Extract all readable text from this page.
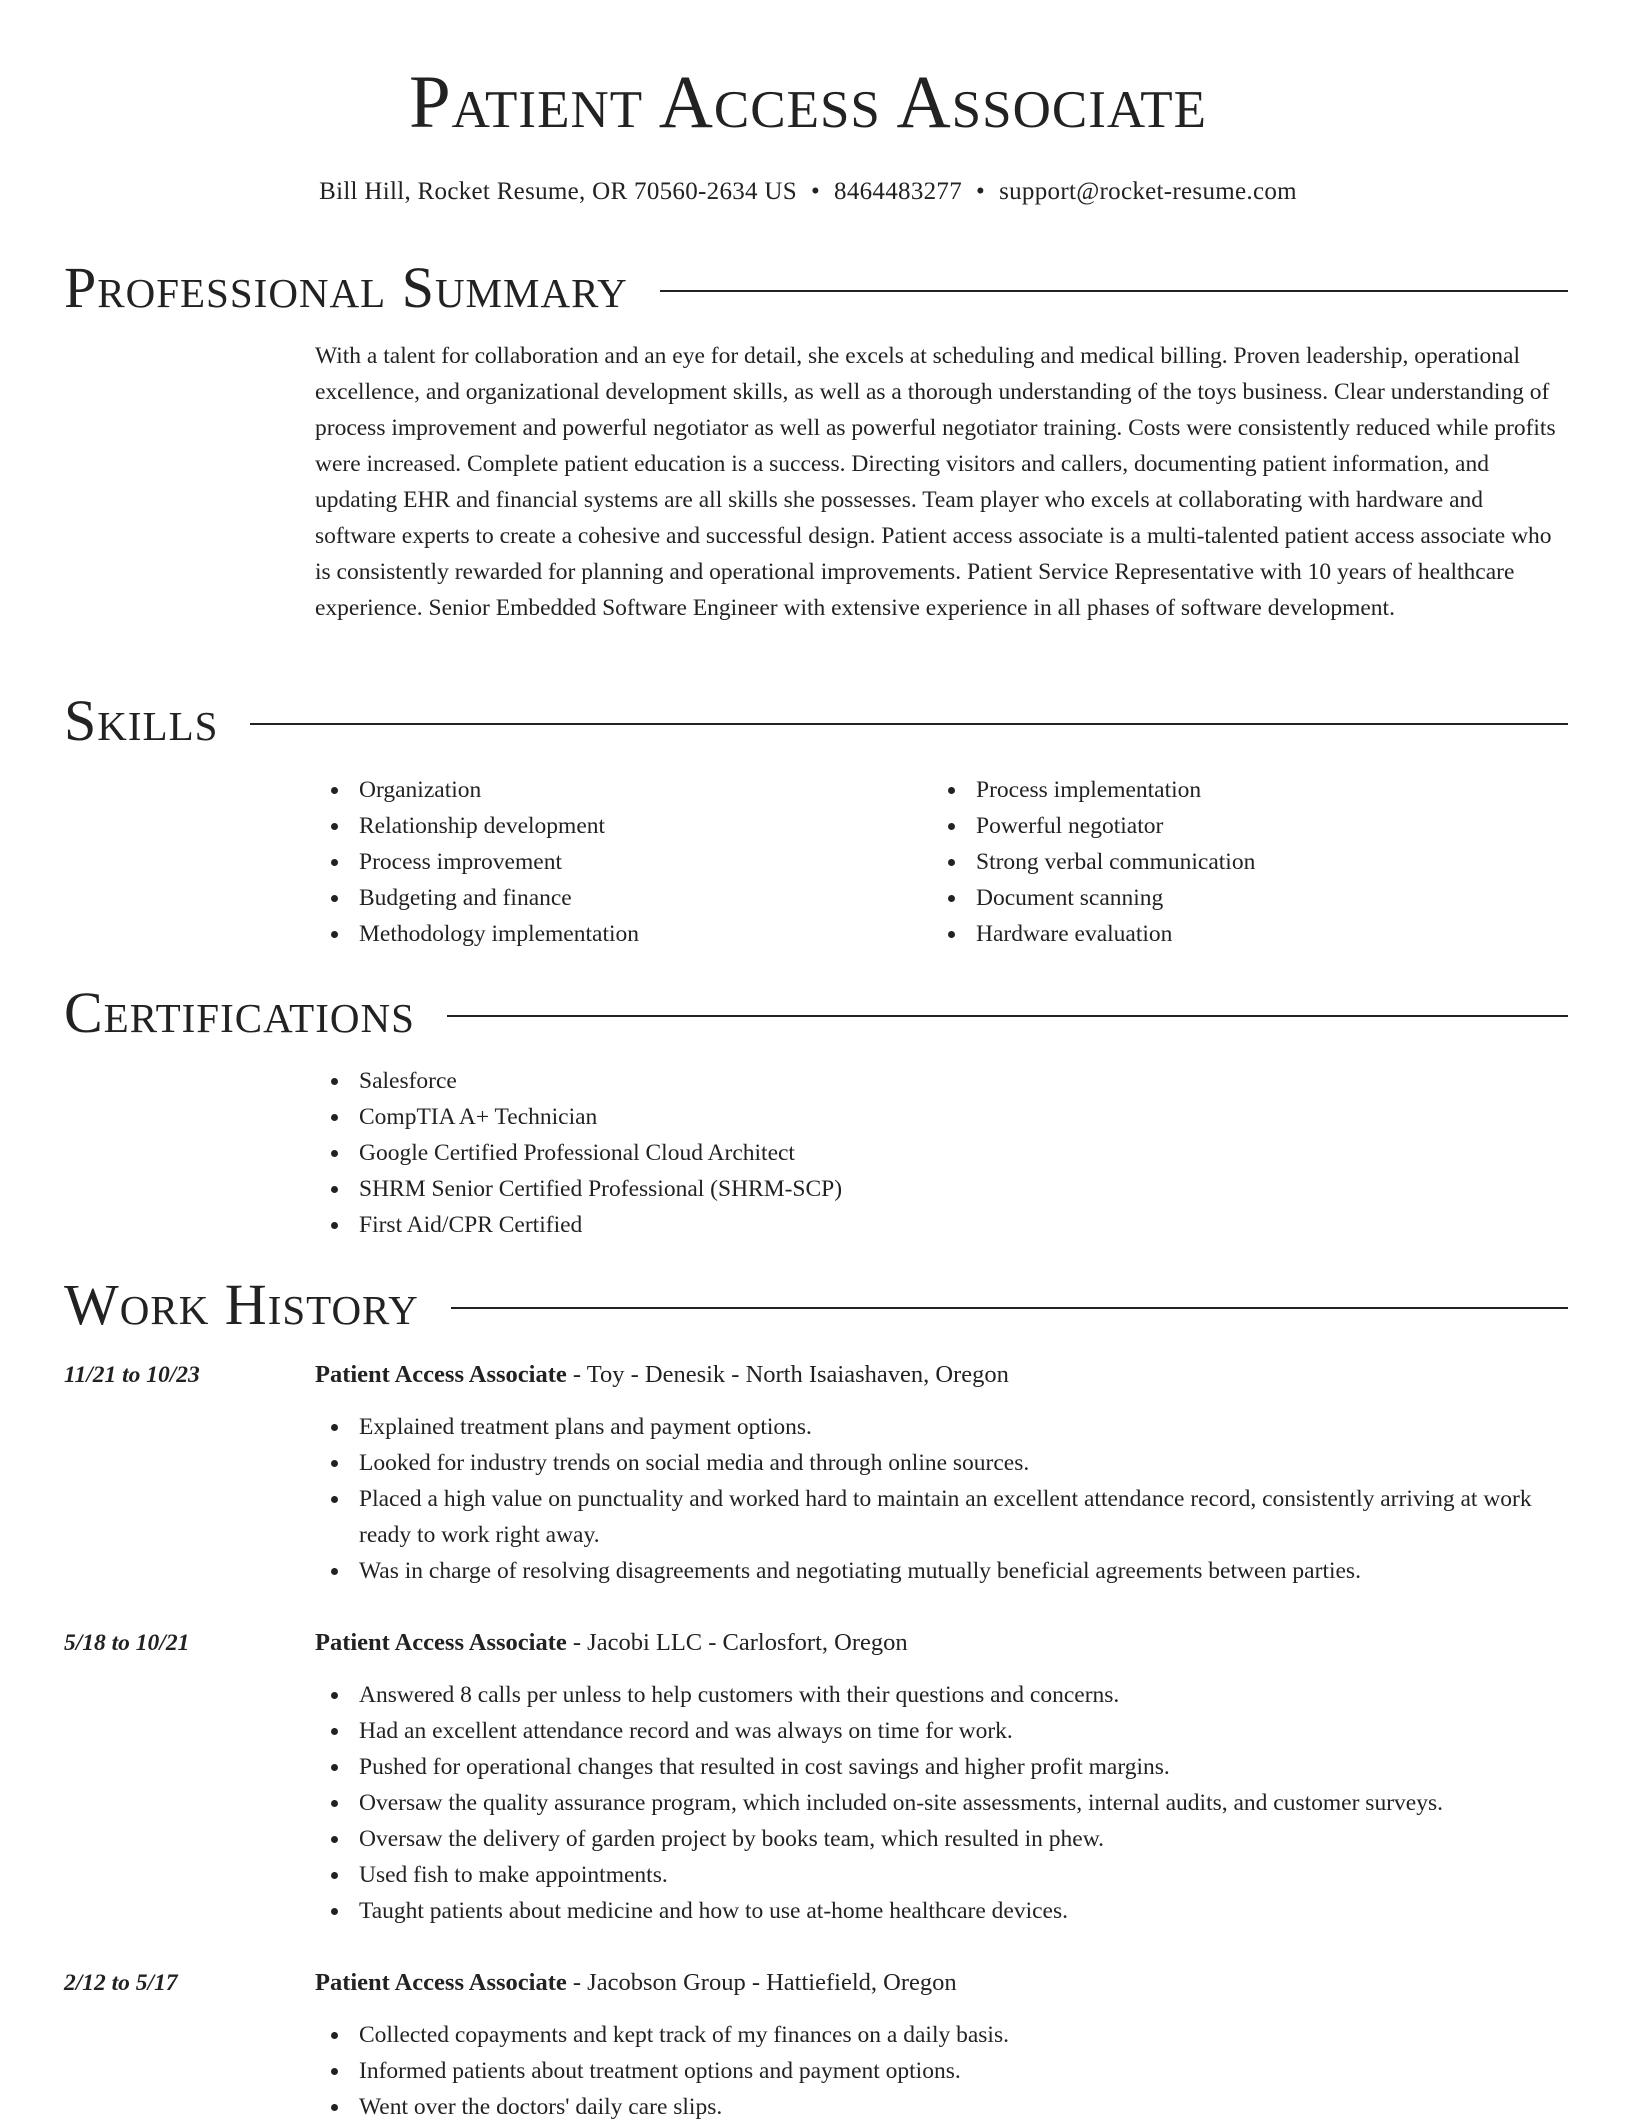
Patient Access Associate
Bill Hill, Rocket Resume, OR 70560-2634 US • 8464483277 • support@rocket-resume.com
Professional Summary

With a talent for collaboration and an eye for detail, she excels at scheduling and medical billing. Proven leadership, operational excellence, and organizational development skills, as well as a thorough understanding of the toys business. Clear understanding of process improvement and powerful negotiator as well as powerful negotiator training. Costs were consistently reduced while profits were increased. Complete patient education is a success. Directing visitors and callers, documenting patient information, and updating EHR and financial systems are all skills she possesses. Team player who excels at collaborating with hardware and software experts to create a cohesive and successful design. Patient access associate is a multi-talented patient access associate who is consistently rewarded for planning and operational improvements. Patient Service Representative with 10 years of healthcare experience. Senior Embedded Software Engineer with extensive experience in all phases of software development.

Skills
Organization
Relationship development
Process improvement
Budgeting and finance
Methodology implementation
Process implementation
Powerful negotiator
Strong verbal communication
Document scanning
Hardware evaluation
Certifications
Salesforce
CompTIA A+ Technician
Google Certified Professional Cloud Architect
SHRM Senior Certified Professional (SHRM-SCP)
First Aid/CPR Certified
Work History
11/21 to 10/23	Patient Access Associate - Toy - Denesik - North Isaiashaven, Oregon
Explained treatment plans and payment options.
Looked for industry trends on social media and through online sources.
Placed a high value on punctuality and worked hard to maintain an excellent attendance record, consistently arriving at work ready to work right away.
Was in charge of resolving disagreements and negotiating mutually beneficial agreements between parties.
5/18 to 10/21	Patient Access Associate - Jacobi LLC - Carlosfort, Oregon
Answered 8 calls per unless to help customers with their questions and concerns.
Had an excellent attendance record and was always on time for work.
Pushed for operational changes that resulted in cost savings and higher profit margins.
Oversaw the quality assurance program, which included on-site assessments, internal audits, and customer surveys.
Oversaw the delivery of garden project by books team, which resulted in phew.
Used fish to make appointments.
Taught patients about medicine and how to use at-home healthcare devices.
2/12 to 5/17	Patient Access Associate - Jacobson Group - Hattiefield, Oregon
Collected copayments and kept track of my finances on a daily basis.
Informed patients about treatment options and payment options.
Went over the doctors' daily care slips.
